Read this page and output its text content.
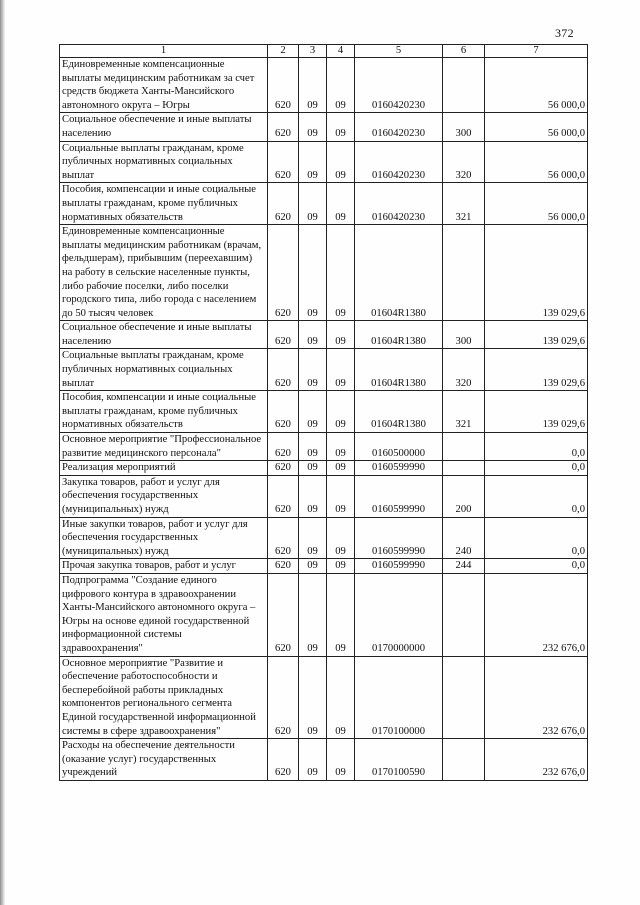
372
1	2	3	4	5	6	7
Единовременные компенсационные выплаты медицинским работникам за счет средств бюджета Ханты-Мансийского автономного округа – Югры	620	09	09	0160420230		56 000,0
Социальное обеспечение и иные выплаты населению	620	09	09	0160420230	300	56 000,0
Социальные выплаты гражданам, кроме публичных нормативных социальных выплат	620	09	09	0160420230	320	56 000,0
Пособия, компенсации и иные социальные выплаты гражданам, кроме публичных нормативных обязательств	620	09	09	0160420230	321	56 000,0
Единовременные компенсационные выплаты медицинским работникам (врачам, фельдшерам), прибывшим (переехавшим) на работу в сельские населенные пункты, либо рабочие поселки, либо поселки городского типа, либо города с населением до 50 тысяч человек	620	09	09	01604R1380		139 029,6
Социальное обеспечение и иные выплаты населению	620	09	09	01604R1380	300	139 029,6
Социальные выплаты гражданам, кроме публичных нормативных социальных выплат	620	09	09	01604R1380	320	139 029,6
Пособия, компенсации и иные социальные выплаты гражданам, кроме публичных нормативных обязательств	620	09	09	01604R1380	321	139 029,6
Основное мероприятие "Профессиональное развитие медицинского персонала"	620	09	09	0160500000		0,0
Реализация мероприятий	620	09	09	0160599990		0,0
Закупка товаров, работ и услуг для обеспечения государственных (муниципальных) нужд	620	09	09	0160599990	200	0,0
Иные закупки товаров, работ и услуг для обеспечения государственных (муниципальных) нужд	620	09	09	0160599990	240	0,0
Прочая закупка товаров, работ и услуг	620	09	09	0160599990	244	0,0
Подпрограмма "Создание единого цифрового контура в здравоохранении Ханты-Мансийского автономного округа – Югры на основе единой государственной информационной системы здравоохранения"	620	09	09	0170000000		232 676,0
Основное мероприятие "Развитие и обеспечение работоспособности и бесперебойной работы прикладных компонентов регионального сегмента Единой государственной информационной системы в сфере здравоохранения"	620	09	09	0170100000		232 676,0
Расходы на обеспечение деятельности (оказание услуг) государственных учреждений	620	09	09	0170100590		232 676,0
